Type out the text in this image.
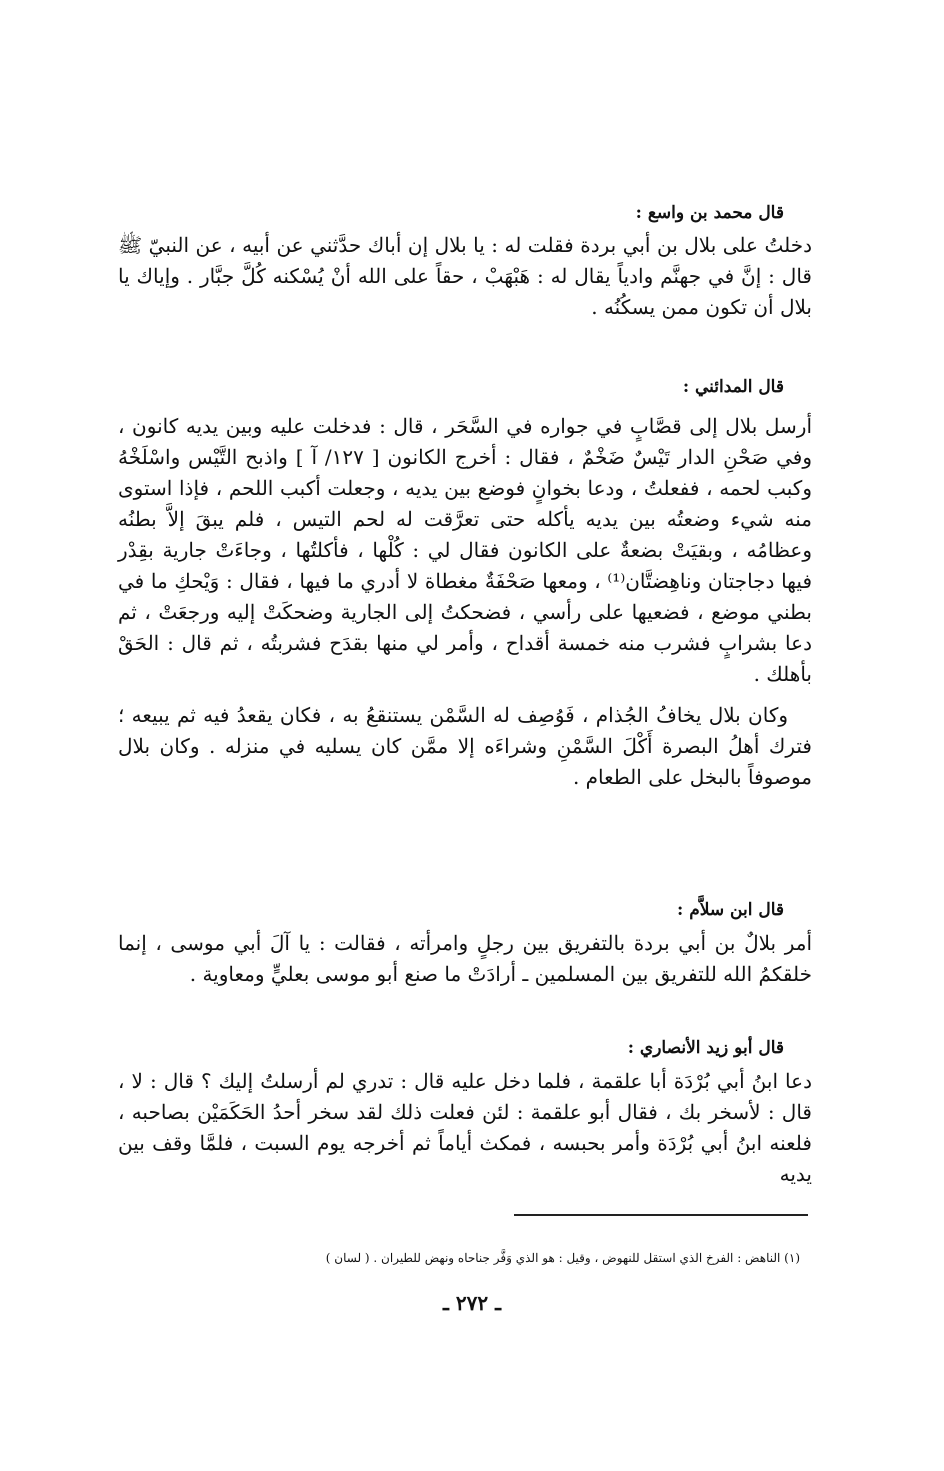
قال محمد بن واسع :

دخلتُ على بلال بن أبي بردة فقلت له : يا بلال إن أباك حدَّثني عن أبيه ، عن النبيّ ﷺ قال : إنَّ في جهنَّم وادياً يقال له : هَبْهَبْ ، حقاً على الله أنْ يُسْكنه كُلَّ جبَّار . وإياك يا بلال أن تكون ممن يسكُنُه .

قال المدائني :

أرسل بلال إلى قصَّابٍ في جواره في السَّحَر ، قال : فدخلت عليه وبين يديه كانون ، وفي صَحْنِ الدار تَيْسٌ ضَخْمٌ ، فقال : أخرج الكانون [ ١٢٧/ آ ] واذبح التَّيْس واسْلَخْهُ وكبب لحمه ، ففعلتُ ، ودعا بخوانٍ فوضع بين يديه ، وجعلت أكبب اللحم ، فإذا استوى منه شيء وضعتُه بين يديه يأكله حتى تعرَّقت له لحم التيس ، فلم يبقَ إلاَّ بطنُه وعظامُه ، وبقيَتْ بضعةٌ على الكانون فقال لي : كُلْها ، فأكلتُها ، وجاءَتْ جارية بقِدْر فيها دجاجتان وناهِضتَّان⁽¹⁾ ، ومعها صَحْفَةٌ مغطاة لا أدري ما فيها ، فقال : وَيْحكِ ما في بطني موضع ، فضعيها على رأسي ، فضحكتُ إلى الجارية وضحكَتْ إليه ورجعَتْ ، ثم دعا بشرابٍ فشرب منه خمسة أقداح ، وأمر لي منها بقدَح فشربتُه ، ثم قال : الحَقْ بأهلك .

وكان بلال يخافُ الجُذام ، فَوُصِف له السَّمْن يستنقعُ به ، فكان يقعدُ فيه ثم يبيعه ؛ فترك أهلُ البصرة أَكْلَ السَّمْنِ وشراءَه إلا ممَّن كان يسليه في منزله . وكان بلال موصوفاً بالبخل على الطعام .

قال ابن سلاَّم :

أمر بلالٌ بن أبي بردة بالتفريق بين رجلٍ وامرأته ، فقالت : يا آلَ أبي موسى ، إنما خلقكمُ الله للتفريق بين المسلمين ـ أرادَتْ ما صنع أبو موسى بعليٍّ ومعاوية .

قال أبو زيد الأنصاري :

دعا ابنُ أبي بُرْدَة أبا علقمة ، فلما دخل عليه قال : تدري لم أرسلتُ إليك ؟ قال : لا ، قال : لأسخر بك ، فقال أبو علقمة : لئن فعلت ذلك لقد سخر أحدُ الحَكَمَيْن بصاحبه ، فلعنه ابنُ أبي بُرْدَة وأمر بحبسه ، فمكث أياماً ثم أخرجه يوم السبت ، فلمَّا وقف بين يديه

(١) الناهض : الفرخ الذي استقل للنهوض ، وقيل : هو الذي وَفَّر جناحاه ونهض للطيران . ( لسان )
ـ ٢٧٢ ـ
